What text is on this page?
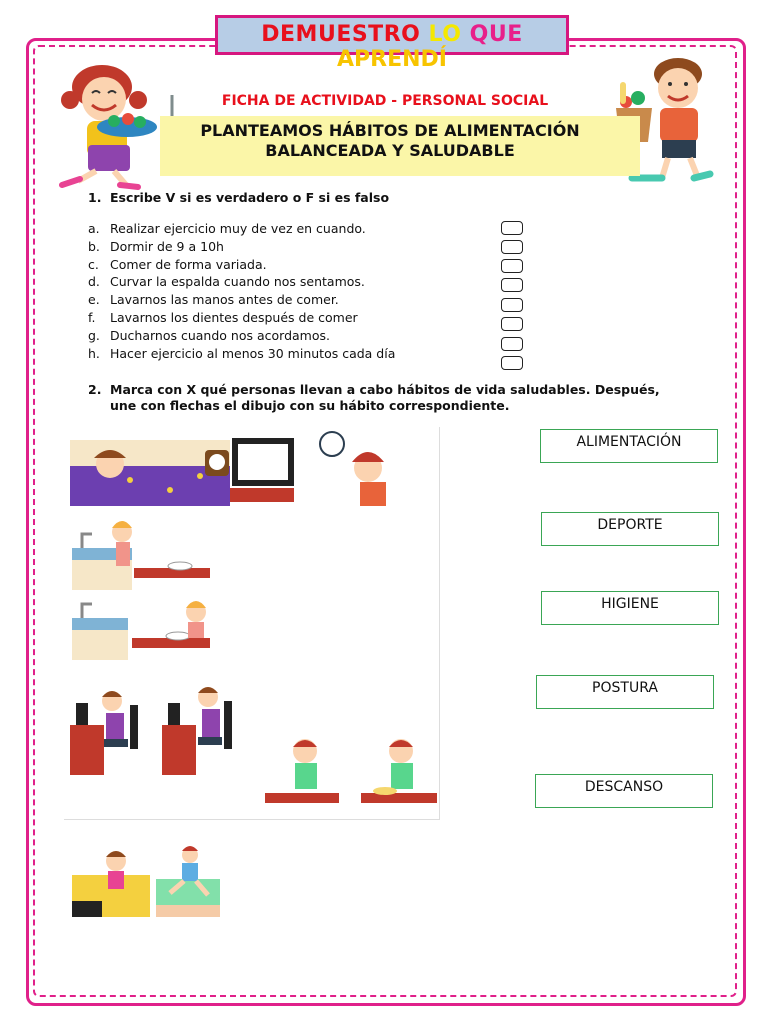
DEMUESTRO LO QUE
APRENDÍ
FICHA DE ACTIVIDAD - PERSONAL SOCIAL
PLANTEAMOS HÁBITOS DE ALIMENTACIÓN
BALANCEADA Y SALUDABLE
1. Escribe V si es verdadero o F si es falso
a. Realizar ejercicio muy de vez en cuando.
b. Dormir de 9 a 10h
c. Comer de forma variada.
d. Curvar la espalda cuando nos sentamos.
e. Lavarnos las manos antes de comer.
f. Lavarnos los dientes después de comer
g. Ducharnos cuando nos acordamos.
h. Hacer ejercicio al menos 30 minutos cada día
2. Marca con X qué personas llevan a cabo hábitos de vida saludables. Después,
une con flechas el dibujo con su hábito correspondiente.
ALIMENTACIÓN
DEPORTE
HIGIENE
POSTURA
DESCANSO
